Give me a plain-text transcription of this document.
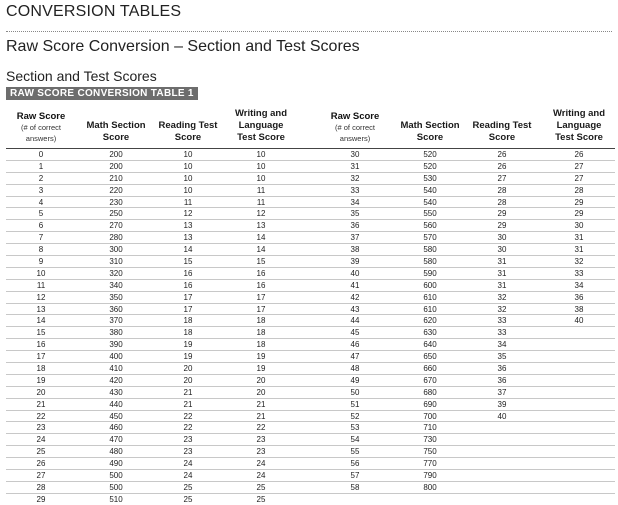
CONVERSION TABLES
Raw Score Conversion – Section and Test Scores
Section and Test Scores
RAW SCORE CONVERSION TABLE 1
Raw Score
(# of correct answers)
Math Section Score
Reading Test Score
Writing and Language Test Score
0	200	10	10
1	200	10	10
2	210	10	10
3	220	10	11
4	230	11	11
5	250	12	12
6	270	13	13
7	280	13	14
8	300	14	14
9	310	15	15
10	320	16	16
11	340	16	16
12	350	17	17
13	360	17	17
14	370	18	18
15	380	18	18
16	390	19	18
17	400	19	19
18	410	20	19
19	420	20	20
20	430	21	20
21	440	21	21
22	450	22	21
23	460	22	22
24	470	23	23
25	480	23	23
26	490	24	24
27	500	24	24
28	500	25	25
29	510	25	25
Raw Score
(# of correct answers)
Math Section Score
Reading Test Score
Writing and Language Test Score
30	520	26	26
31	520	26	27
32	530	27	27
33	540	28	28
34	540	28	29
35	550	29	29
36	560	29	30
37	570	30	31
38	580	30	31
39	580	31	32
40	590	31	33
41	600	31	34
42	610	32	36
43	610	32	38
44	620	33	40
45	630	33
46	640	34
47	650	35
48	660	36
49	670	36
50	680	37
51	690	39
52	700	40
53	710
54	730
55	750
56	770
57	790
58	800
